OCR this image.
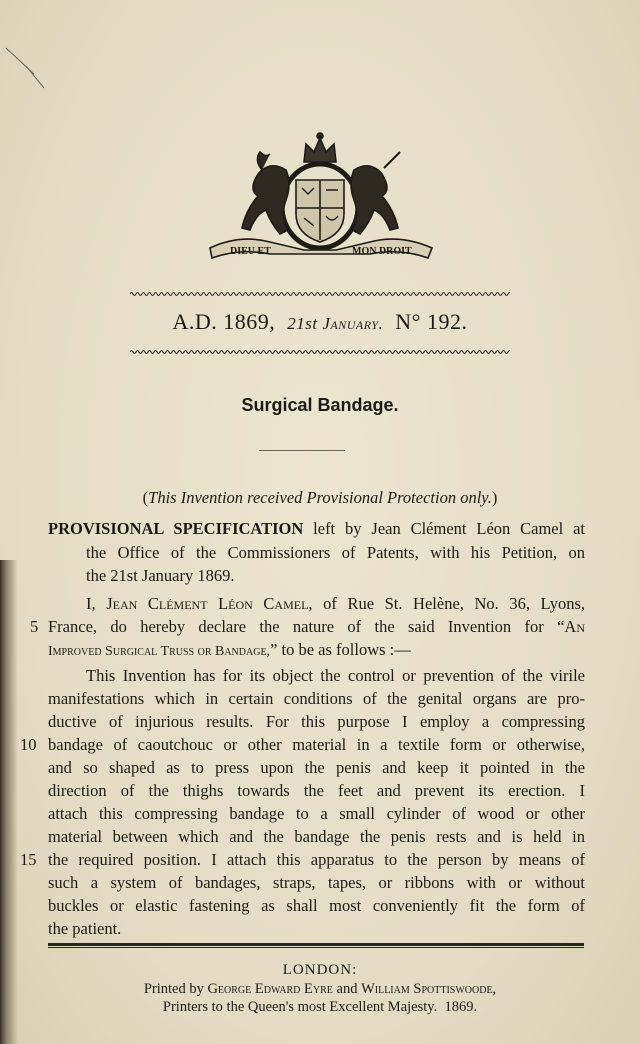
DIEU ET	MON DROIT
A.D. 1869, 21st January. N° 192.
Surgical Bandage.
(This Invention received Provisional Protection only.)
PROVISIONAL SPECIFICATION left by Jean Clément Léon Camel at
the Office of the Commissioners of Patents, with his Petition, on
the 21st January 1869.
I, Jean Clément Léon Camel, of Rue St. Helène, No. 36, Lyons,
France, do hereby declare the nature of the said Invention for “An
Improved Surgical Truss or Bandage,” to be as follows :—
This Invention has for its object the control or prevention of the virile
manifestations which in certain conditions of the genital organs are pro-
ductive of injurious results. For this purpose I employ a compressing
bandage of caoutchouc or other material in a textile form or otherwise,
and so shaped as to press upon the penis and keep it pointed in the
direction of the thighs towards the feet and prevent its erection. I
attach this compressing bandage to a small cylinder of wood or other
material between which and the bandage the penis rests and is held in
the required position. I attach this apparatus to the person by means of
such a system of bandages, straps, tapes, or ribbons with or without
buckles or elastic fastening as shall most conveniently fit the form of
the patient.
5
10
15
LONDON:
Printed by George Edward Eyre and William Spottiswoode,
Printers to the Queen's most Excellent Majesty. 1869.
